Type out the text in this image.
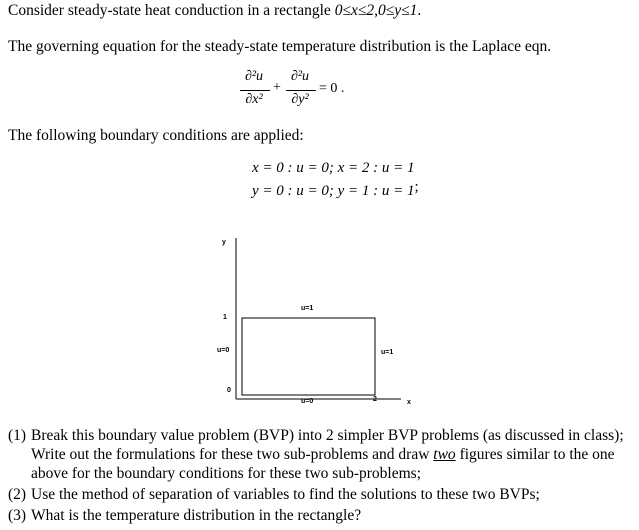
Consider steady-state heat conduction in a rectangle 0≤x≤2,0≤y≤1.
The governing equation for the steady-state temperature distribution is the Laplace eqn.
∂²u
∂x²
+
∂²u
∂y²
= 0 .
The following boundary conditions are applied:
x = 0 : u = 0; x = 2 : u = 1
y = 0 : u = 0; y = 1 : u = 1;
y
x
1
0
2
u=1
u=0	u=1
u=0
(1) Break this boundary value problem (BVP) into 2 simpler BVP problems (as discussed in class); Write out the formulations for these two sub-problems and draw two figures similar to the one above for the boundary conditions for these two sub-problems;
(2) Use the method of separation of variables to find the solutions to these two BVPs;
(3) What is the temperature distribution in the rectangle?
